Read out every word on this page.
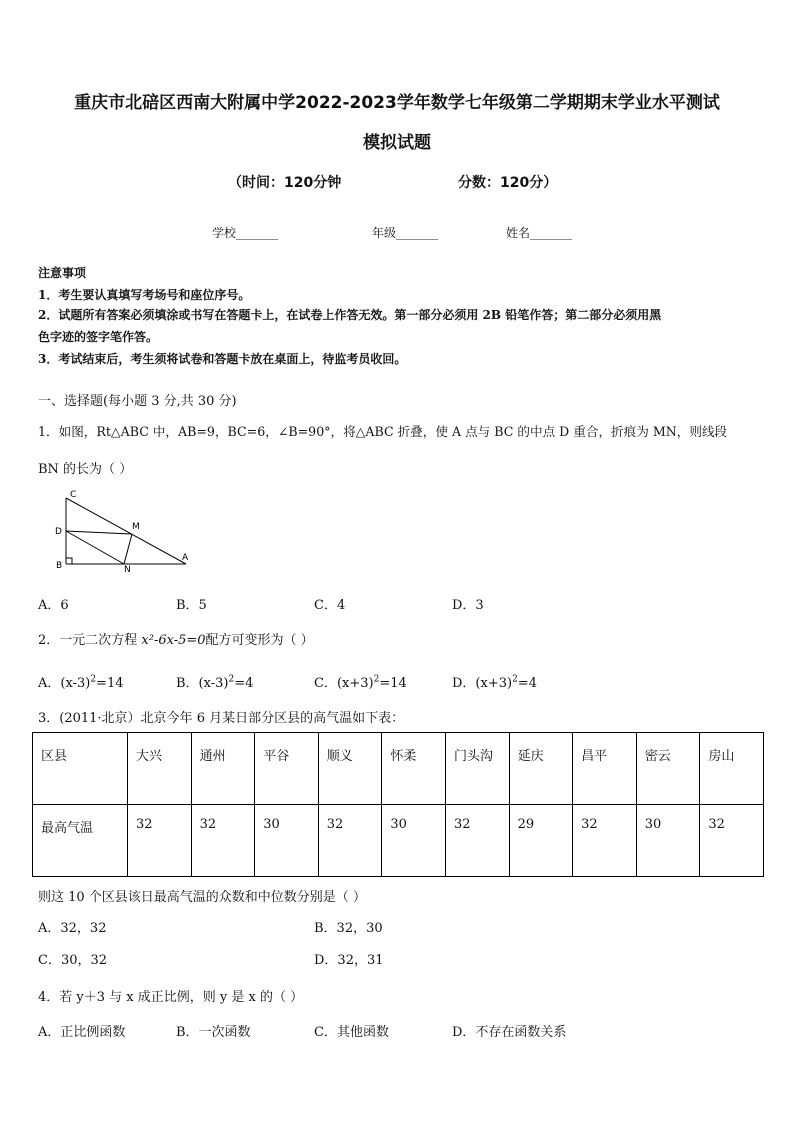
重庆市北碚区西南大附属中学2022-2023学年数学七年级第二学期期末学业水平测试
模拟试题
（时间：120分钟	分数：120分）
学校_______	年级_______	姓名_______
注意事项
1．考生要认真填写考场号和座位序号。
2．试题所有答案必须填涂或书写在答题卡上，在试卷上作答无效。第一部分必须用 2B 铅笔作答；第二部分必须用黑
色字迹的签字笔作答。
3．考试结束后，考生须将试卷和答题卡放在桌面上，待监考员收回。
一、选择题(每小题 3 分,共 30 分)
1．如图，Rt△ABC 中，AB=9，BC=6，∠B=90°，将△ABC 折叠，使 A 点与 BC 的中点 D 重合，折痕为 MN，则线段
BN 的长为（ ）
C
D	M
B	N
A
A．6	B．5	C．4	D．3
2．一元二次方程 x²-6x-5=0配方可变形为（ ）
A．$(x-3)^2=14$	B．$(x-3)^2=4$	C．$(x+3)^2=14$	D．$(x+3)^2=4$
3．(2011·北京）北京今年 6 月某日部分区县的高气温如下表：
区县	大兴	通州	平谷	顺义	怀柔	门头沟	延庆	昌平	密云	房山
最高气温	32	32	30	32	30	32	29	32	30	32
则这 10 个区县该日最高气温的众数和中位数分别是（ ）
A．32，32	B．32，30
C．30，32	D．32，31
4．若 y＋3 与 x 成正比例，则 y 是 x 的（ ）
A．正比例函数	B．一次函数	C．其他函数	D．不存在函数关系
